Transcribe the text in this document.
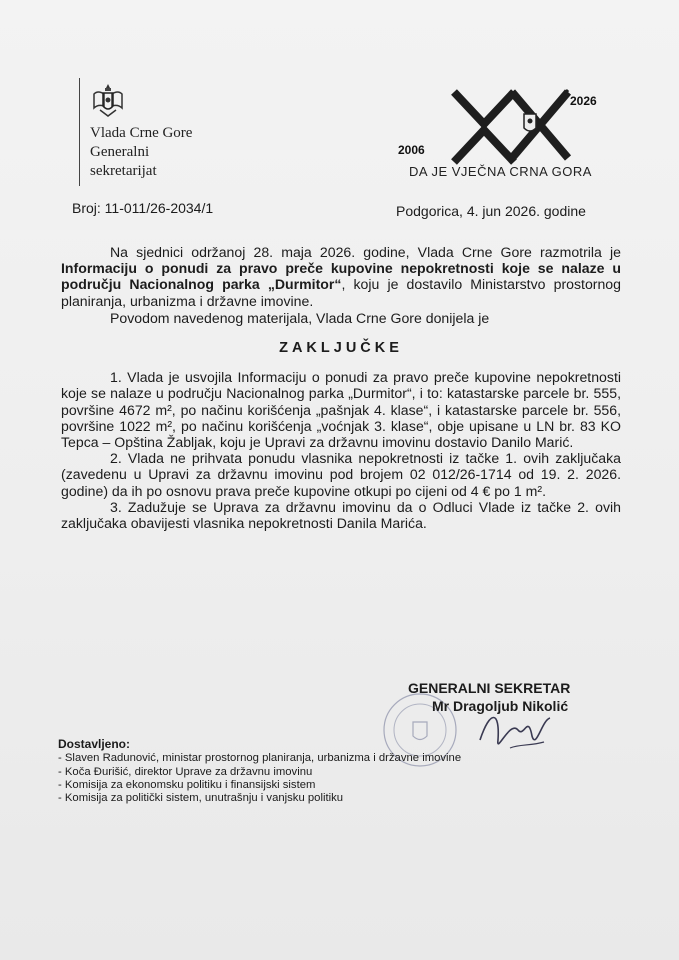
Vlada Crne Gore
Generalni
sekretarijat
2006
2026
DA JE VJEČNA CRNA GORA
Broj: 11-011/26-2034/1	Podgorica, 4. jun 2026. godine

Na sjednici održanoj 28. maja 2026. godine, Vlada Crne Gore razmotrila je Informaciju o ponudi za pravo preče kupovine nepokretnosti koje se nalaze u području Nacionalnog parka „Durmitor“, koju je dostavilo Ministarstvo prostornog planiranja, urbanizma i državne imovine.

Povodom navedenog materijala, Vlada Crne Gore donijela je

ZAKLJUČKE

1. Vlada je usvojila Informaciju o ponudi za pravo preče kupovine nepokretnosti koje se nalaze u području Nacionalnog parka „Durmitor“, i to: katastarske parcele br. 555, površine 4672 m², po načinu korišćenja „pašnjak 4. klase“, i katastarske parcele br. 556, površine 1022 m², po načinu korišćenja „voćnjak 3. klase“, obje upisane u LN br. 83 KO Tepca – Opština Žabljak, koju je Upravi za državnu imovinu dostavio Danilo Marić.

2. Vlada ne prihvata ponudu vlasnika nepokretnosti iz tačke 1. ovih zaključaka (zavedenu u Upravi za državnu imovinu pod brojem 02 012/26-1714 od 19. 2. 2026. godine) da ih po osnovu prava preče kupovine otkupi po cijeni od 4 € po 1 m².

3. Zadužuje se Uprava za državnu imovinu da o Odluci Vlade iz tačke 2. ovih zaključaka obavijesti vlasnika nepokretnosti Danila Marića.

GENERALNI SEKRETAR
Mr Dragoljub Nikolić
Dostavljeno:
- Slaven Radunović, ministar prostornog planiranja, urbanizma i državne imovine
- Koča Đurišić, direktor Uprave za državnu imovinu
- Komisija za ekonomsku politiku i finansijski sistem
- Komisija za politički sistem, unutrašnju i vanjsku politiku
